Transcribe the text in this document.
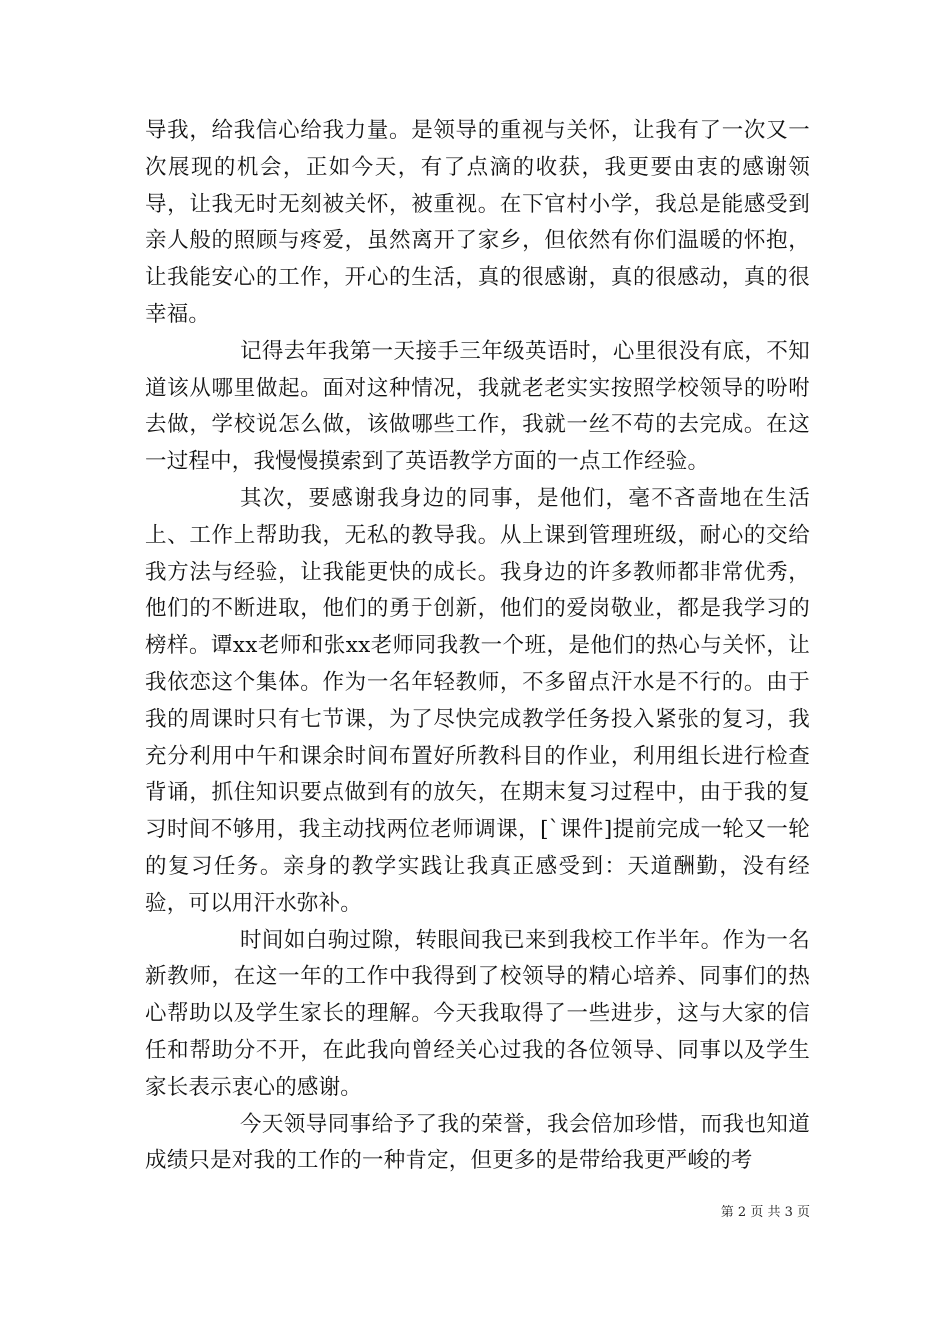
导我，给我信心给我力量。是领导的重视与关怀，让我有了一次又一次展现的机会，正如今天，有了点滴的收获，我更要由衷的感谢领导，让我无时无刻被关怀，被重视。在下官村小学，我总是能感受到亲人般的照顾与疼爱，虽然离开了家乡，但依然有你们温暖的怀抱，让我能安心的工作，开心的生活，真的很感谢，真的很感动，真的很幸福。

记得去年我第一天接手三年级英语时，心里很没有底，不知道该从哪里做起。面对这种情况，我就老老实实按照学校领导的吩咐去做，学校说怎么做，该做哪些工作，我就一丝不苟的去完成。在这一过程中，我慢慢摸索到了英语教学方面的一点工作经验。

其次，要感谢我身边的同事，是他们，毫不吝啬地在生活上、工作上帮助我，无私的教导我。从上课到管理班级，耐心的交给我方法与经验，让我能更快的成长。我身边的许多教师都非常优秀，他们的不断进取，他们的勇于创新，他们的爱岗敬业，都是我学习的榜样。谭xx老师和张xx老师同我教一个班，是他们的热心与关怀，让我依恋这个集体。作为一名年轻教师，不多留点汗水是不行的。由于我的周课时只有七节课，为了尽快完成教学任务投入紧张的复习，我充分利用中午和课余时间布置好所教科目的作业，利用组长进行检查背诵，抓住知识要点做到有的放矢，在期末复习过程中，由于我的复习时间不够用，我主动找两位老师调课，[`课件]提前完成一轮又一轮的复习任务。亲身的教学实践让我真正感受到：天道酬勤，没有经验，可以用汗水弥补。

时间如白驹过隙，转眼间我已来到我校工作半年。作为一名新教师，在这一年的工作中我得到了校领导的精心培养、同事们的热心帮助以及学生家长的理解。今天我取得了一些进步，这与大家的信任和帮助分不开，在此我向曾经关心过我的各位领导、同事以及学生家长表示衷心的感谢。

今天领导同事给予了我的荣誉，我会倍加珍惜，而我也知道成绩只是对我的工作的一种肯定，但更多的是带给我更严峻的考

第 2 页 共 3 页
